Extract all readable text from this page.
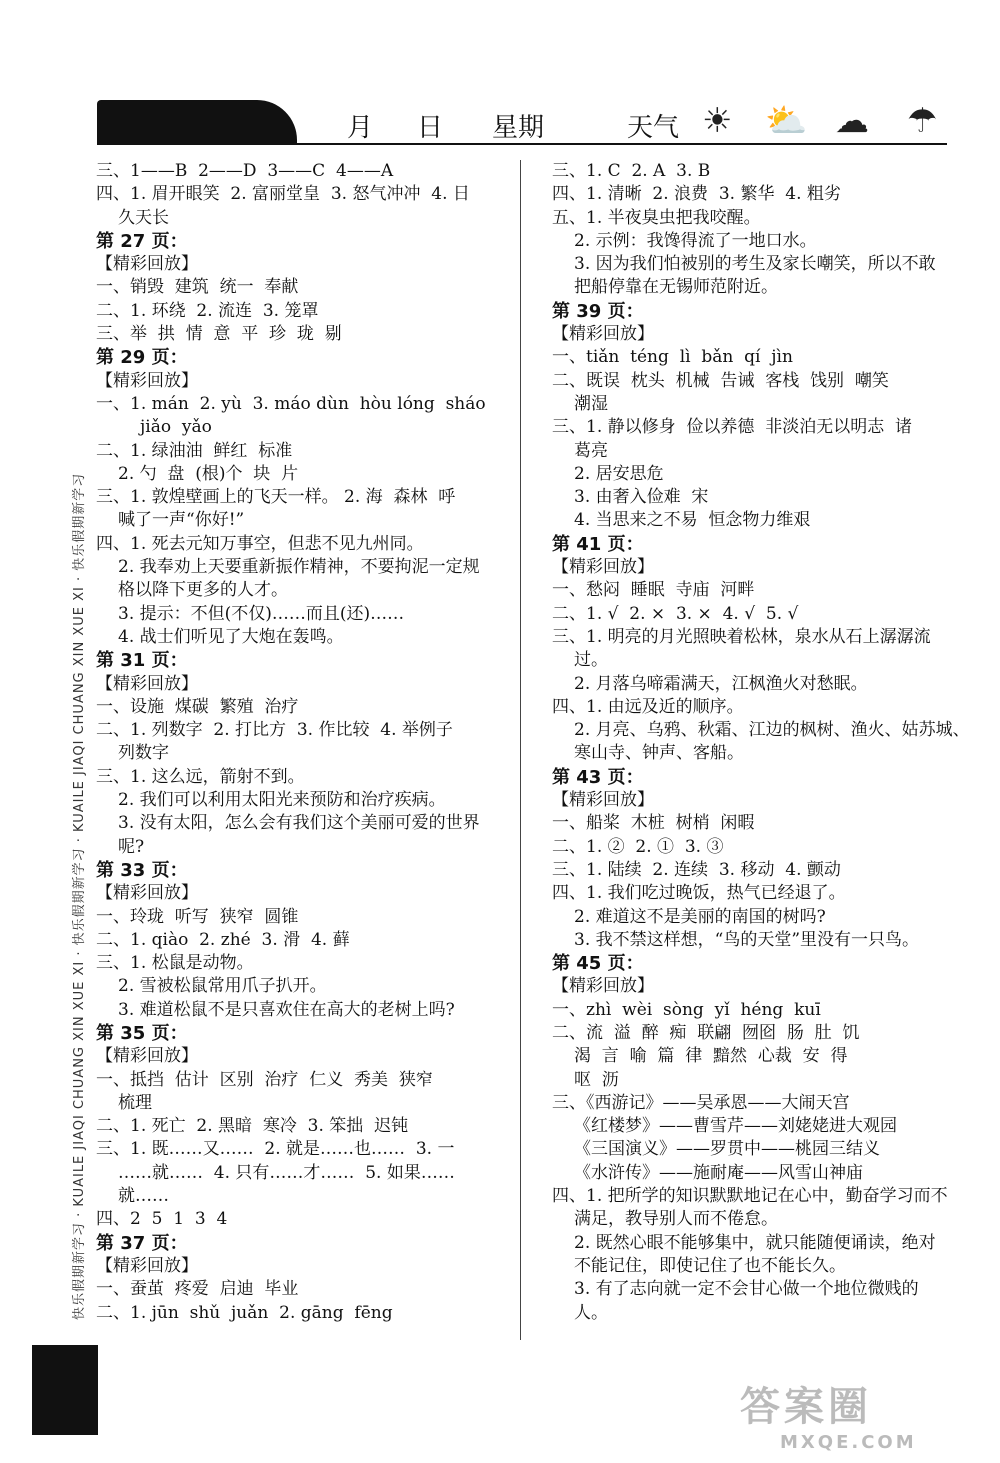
月 日 星期	天气 ☀ ⛅ ☁ ☂
快乐假期新学习 · KUAILE JIAQI CHUANG XIN XUE XI · 快乐假期新学习 · KUAILE JIAQI CHUANG XIN XUE XI · 快乐假期新学习
三、1——B  2——D  3——C  4——A
四、1. 眉开眼笑  2. 富丽堂皇  3. 怒气冲冲  4. 日
久天长
第 27 页：
【精彩回放】
一、销毁  建筑  统一  奉献
二、1. 环绕  2. 流连  3. 笼罩
三、举  拱  情  意  平  珍  珑  剔
第 29 页：
【精彩回放】
一、1. mán  2. yù  3. máo dùn  hòu lóng  sháo
jiǎo  yǎo
二、1. 绿油油  鲜红  标准
2. 勺  盘  (根)个  块  片
三、1. 敦煌壁画上的飞天一样。 2. 海  森林  呼
喊了一声“你好!”
四、1. 死去元知万事空，但悲不见九州同。
2. 我奉劝上天要重新振作精神，不要拘泥一定规
格以降下更多的人才。
3. 提示：不但(不仅)……而且(还)……
4. 战士们听见了大炮在轰鸣。
第 31 页：
【精彩回放】
一、设施  煤碳  繁殖  治疗
二、1. 列数字  2. 打比方  3. 作比较  4. 举例子
列数字
三、1. 这么远，箭射不到。
2. 我们可以利用太阳光来预防和治疗疾病。
3. 没有太阳，怎么会有我们这个美丽可爱的世界
呢?
第 33 页：
【精彩回放】
一、玲珑  听写  狭窄  圆锥
二、1. qiào  2. zhé  3. 滑  4. 藓
三、1. 松鼠是动物。
2. 雪被松鼠常用爪子扒开。
3. 难道松鼠不是只喜欢住在高大的老树上吗?
第 35 页：
【精彩回放】
一、抵挡  估计  区别  治疗  仁义  秀美  狭窄
梳理
二、1. 死亡  2. 黑暗  寒冷  3. 笨拙  迟钝
三、1. 既……又……  2. 就是……也……  3. 一
……就……  4. 只有……才……  5. 如果……
就……
四、2  5  1  3  4
第 37 页：
【精彩回放】
一、蚕茧  疼爱  启迪  毕业
二、1. jūn  shǔ  juǎn  2. gāng  fēng
三、1. C  2. A  3. B
四、1. 清晰  2. 浪费  3. 繁华  4. 粗劣
五、1. 半夜臭虫把我咬醒。
2. 示例：我馋得流了一地口水。
3. 因为我们怕被别的考生及家长嘲笑，所以不敢
把船停靠在无锡师范附近。
第 39 页：
【精彩回放】
一、tiǎn  téng  lì  bǎn  qí  jìn
二、既误  枕头  机械  告诫  客栈  饯别  嘲笑
潮湿
三、1. 静以修身  俭以养德  非淡泊无以明志  诸
葛亮
2. 居安思危
3. 由奢入俭难  宋
4. 当思来之不易  恒念物力维艰
第 41 页：
【精彩回放】
一、愁闷  睡眠  寺庙  河畔
二、1. √  2. ×  3. ×  4. √  5. √
三、1. 明亮的月光照映着松林，泉水从石上潺潺流
过。
2. 月落乌啼霜满天，江枫渔火对愁眠。
四、1. 由远及近的顺序。
2. 月亮、乌鸦、秋霜、江边的枫树、渔火、姑苏城、
寒山寺、钟声、客船。
第 43 页：
【精彩回放】
一、船桨  木桩  树梢  闲暇
二、1. ②  2. ①  3. ③
三、1. 陆续  2. 连续  3. 移动  4. 颤动
四、1. 我们吃过晚饭，热气已经退了。
2. 难道这不是美丽的南国的树吗?
3. 我不禁这样想，“鸟的天堂”里没有一只鸟。
第 45 页：
【精彩回放】
一、zhì  wèi  sòng  yǐ  héng  kuī
二、流  溢  醉  痴  联翩  囫囵  肠  肚  饥
渴  言  喻  篇  律  黯然  心裁  安  得
呕  沥
三、《西游记》——吴承恩——大闹天宫
《红楼梦》——曹雪芹——刘姥姥进大观园
《三国演义》——罗贯中——桃园三结义
《水浒传》——施耐庵——风雪山神庙
四、1. 把所学的知识默默地记在心中，勤奋学习而不
满足，教导别人而不倦怠。
2. 既然心眼不能够集中，就只能随便诵读，绝对
不能记住，即使记住了也不能长久。
3. 有了志向就一定不会甘心做一个地位微贱的
人。
答案圈
MXQE.COM
